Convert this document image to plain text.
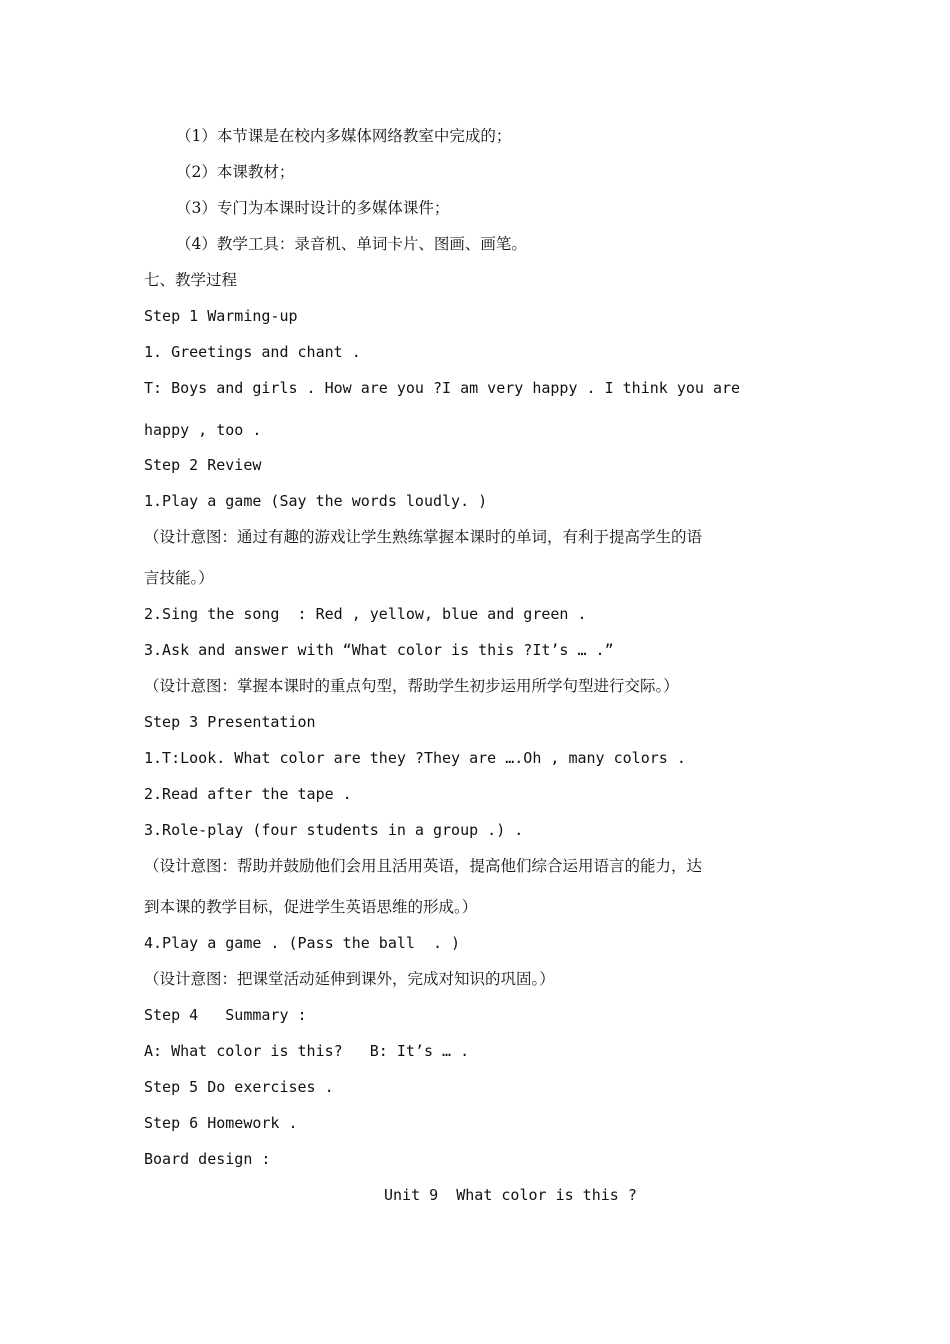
（1）本节课是在校内多媒体网络教室中完成的；
（2）本课教材；
（3）专门为本课时设计的多媒体课件；
（4）教学工具：录音机、单词卡片、图画、画笔。
七、教学过程
Step 1 Warming-up
1. Greetings and chant .
T: Boys and girls . How are you ?I am very happy . I think you are
happy , too .
Step 2 Review
1.Play a game (Say the words loudly. )
（设计意图：通过有趣的游戏让学生熟练掌握本课时的单词，有利于提高学生的语
言技能。）
2.Sing the song  : Red , yellow, blue and green .
3.Ask and answer with “What color is this ?It’s … .”
（设计意图：掌握本课时的重点句型，帮助学生初步运用所学句型进行交际。）
Step 3 Presentation
1.T:Look. What color are they ?They are ….Oh , many colors .
2.Read after the tape .
3.Role-play (four students in a group .) .
（设计意图：帮助并鼓励他们会用且活用英语，提高他们综合运用语言的能力，达
到本课的教学目标，促进学生英语思维的形成。）
4.Play a game . (Pass the ball  . )
（设计意图：把课堂活动延伸到课外，完成对知识的巩固。）
Step 4   Summary :
A: What color is this?   B: It’s … .
Step 5 Do exercises .
Step 6 Homework .
Board design :
Unit 9  What color is this ?
